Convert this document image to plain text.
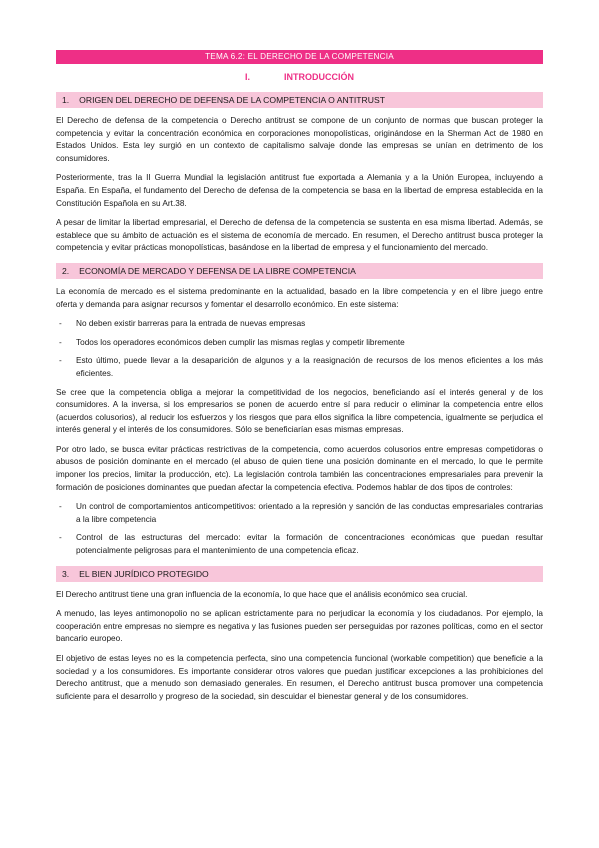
TEMA 6.2: EL DERECHO DE LA COMPETENCIA
I.	INTRODUCCIÓN
1. ORIGEN DEL DERECHO DE DEFENSA DE LA COMPETENCIA O ANTITRUST

El Derecho de defensa de la competencia o Derecho antitrust se compone de un conjunto de normas que buscan proteger la competencia y evitar la concentración económica en corporaciones monopolísticas, originándose en la Sherman Act de 1980 en Estados Unidos. Esta ley surgió en un contexto de capitalismo salvaje donde las empresas se unían en detrimento de los consumidores.

Posteriormente, tras la II Guerra Mundial la legislación antitrust fue exportada a Alemania y a la Unión Europea, incluyendo a España. En España, el fundamento del Derecho de defensa de la competencia se basa en la libertad de empresa establecida en la Constitución Española en su Art.38.

A pesar de limitar la libertad empresarial, el Derecho de defensa de la competencia se sustenta en esa misma libertad. Además, se establece que su ámbito de actuación es el sistema de economía de mercado. En resumen, el Derecho antitrust busca proteger la competencia y evitar prácticas monopolísticas, basándose en la libertad de empresa y el funcionamiento del mercado.

2. ECONOMÍA DE MERCADO Y DEFENSA DE LA LIBRE COMPETENCIA

La economía de mercado es el sistema predominante en la actualidad, basado en la libre competencia y en el libre juego entre oferta y demanda para asignar recursos y fomentar el desarrollo económico. En este sistema:

- No deben existir barreras para la entrada de nuevas empresas
- Todos los operadores económicos deben cumplir las mismas reglas y competir libremente
- Esto último, puede llevar a la desaparición de algunos y a la reasignación de recursos de los menos eficientes a los más eficientes.

Se cree que la competencia obliga a mejorar la competitividad de los negocios, beneficiando así el interés general y de los consumidores. A la inversa, si los empresarios se ponen de acuerdo entre sí para reducir o eliminar la competencia entre ellos (acuerdos colusorios), al reducir los esfuerzos y los riesgos que para ellos significa la libre competencia, igualmente se perjudica el interés general y el interés de los consumidores. Sólo se beneficiarían esas mismas empresas.

Por otro lado, se busca evitar prácticas restrictivas de la competencia, como acuerdos colusorios entre empresas competidoras o abusos de posición dominante en el mercado (el abuso de quien tiene una posición dominante en el mercado, lo que le permite imponer los precios, limitar la producción, etc). La legislación controla también las concentraciones empresariales para prevenir la formación de posiciones dominantes que puedan afectar la competencia efectiva. Podemos hablar de dos tipos de controles:

- Un control de comportamientos anticompetitivos: orientado a la represión y sanción de las conductas empresariales contrarias a la libre competencia
- Control de las estructuras del mercado: evitar la formación de concentraciones económicas que puedan resultar potencialmente peligrosas para el mantenimiento de una competencia eficaz.
3. EL BIEN JURÍDICO PROTEGIDO

El Derecho antitrust tiene una gran influencia de la economía, lo que hace que el análisis económico sea crucial.

A menudo, las leyes antimonopolio no se aplican estrictamente para no perjudicar la economía y los ciudadanos. Por ejemplo, la cooperación entre empresas no siempre es negativa y las fusiones pueden ser perseguidas por razones políticas, como en el sector bancario europeo.

El objetivo de estas leyes no es la competencia perfecta, sino una competencia funcional (workable competition) que beneficie a la sociedad y a los consumidores. Es importante considerar otros valores que puedan justificar excepciones a las prohibiciones del Derecho antitrust, que a menudo son demasiado generales. En resumen, el Derecho antitrust busca promover una competencia suficiente para el desarrollo y progreso de la sociedad, sin descuidar el bienestar general y de los consumidores.
